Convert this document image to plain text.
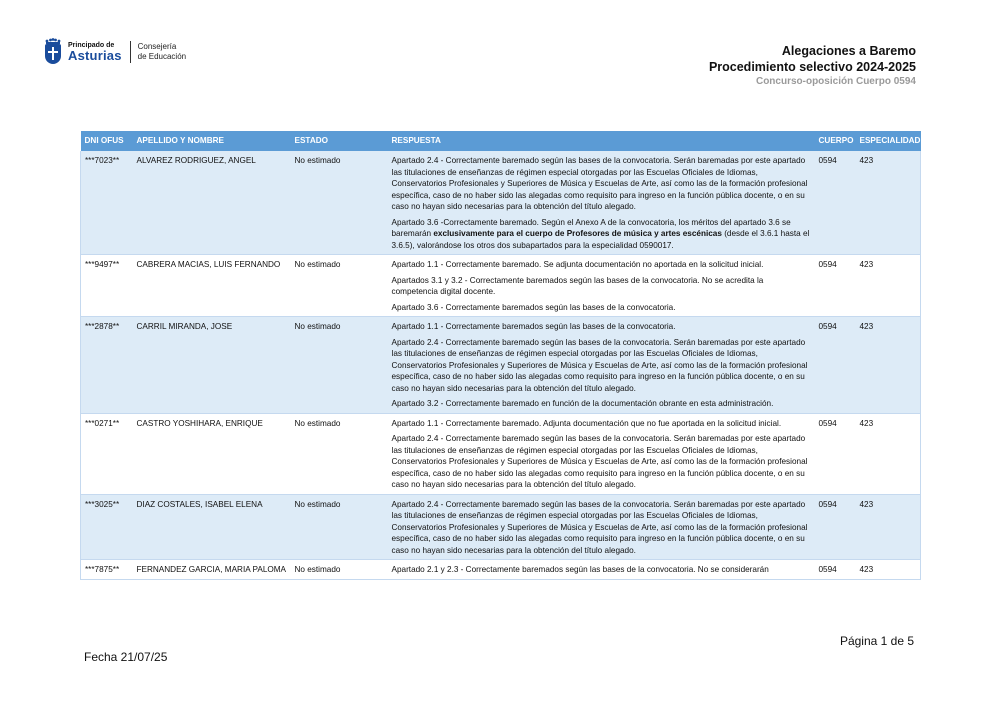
Principado de
Asturias
Consejería
de Educación	Alegaciones a Baremo
Procedimiento selectivo 2024-2025
Concurso-oposición Cuerpo 0594
DNI OFUS	APELLIDO Y NOMBRE	ESTADO	RESPUESTA	CUERPO	ESPECIALIDAD
***7023**	ALVAREZ RODRIGUEZ, ANGEL	No estimado	Apartado 2.4 - Correctamente baremado según las bases de la convocatoria. Serán baremadas por este apartado las titulaciones de enseñanzas de régimen especial otorgadas por las Escuelas Oficiales de Idiomas, Conservatorios Profesionales y Superiores de Música y Escuelas de Arte, así como las de la formación profesional específica, caso de no haber sido las alegadas como requisito para ingreso en la función pública docente, o en su caso no hayan sido necesarias para la obtención del título alegado.

Apartado 3.6 -Correctamente baremado. Según el Anexo A de la convocatoria, los méritos del apartado 3.6 se baremarán exclusivamente para el cuerpo de Profesores de música y artes escénicas (desde el 3.6.1 hasta el 3.6.5), valorándose los otros dos subapartados para la especialidad 0590017.	0594	423
***9497**	CABRERA MACIAS, LUIS FERNANDO	No estimado	Apartado 1.1 - Correctamente baremado. Se adjunta documentación no aportada en la solicitud inicial.

Apartados 3.1 y 3.2 - Correctamente baremados según las bases de la convocatoria. No se acredita la competencia digital docente.

Apartado 3.6 - Correctamente baremados según las bases de la convocatoria.	0594	423
***2878**	CARRIL MIRANDA, JOSE	No estimado	Apartado 1.1 - Correctamente baremados según las bases de la convocatoria.

Apartado 2.4 - Correctamente baremado según las bases de la convocatoria. Serán baremadas por este apartado las titulaciones de enseñanzas de régimen especial otorgadas por las Escuelas Oficiales de Idiomas, Conservatorios Profesionales y Superiores de Música y Escuelas de Arte, así como las de la formación profesional específica, caso de no haber sido las alegadas como requisito para ingreso en la función pública docente, o en su caso no hayan sido necesarias para la obtención del título alegado.

Apartado 3.2 - Correctamente baremado en función de la documentación obrante en esta administración.	0594	423
***0271**	CASTRO YOSHIHARA, ENRIQUE	No estimado	Apartado 1.1 - Correctamente baremado. Adjunta documentación que no fue aportada en la solicitud inicial.

Apartado 2.4 - Correctamente baremado según las bases de la convocatoria. Serán baremadas por este apartado las titulaciones de enseñanzas de régimen especial otorgadas por las Escuelas Oficiales de Idiomas, Conservatorios Profesionales y Superiores de Música y Escuelas de Arte, así como las de la formación profesional específica, caso de no haber sido las alegadas como requisito para ingreso en la función pública docente, o en su caso no hayan sido necesarias para la obtención del título alegado.	0594	423
***3025**	DIAZ COSTALES, ISABEL ELENA	No estimado	Apartado 2.4 - Correctamente baremado según las bases de la convocatoria. Serán baremadas por este apartado las titulaciones de enseñanzas de régimen especial otorgadas por las Escuelas Oficiales de Idiomas, Conservatorios Profesionales y Superiores de Música y Escuelas de Arte, así como las de la formación profesional específica, caso de no haber sido las alegadas como requisito para ingreso en la función pública docente, o en su caso no hayan sido necesarias para la obtención del título alegado.	0594	423
***7875**	FERNANDEZ GARCIA, MARIA PALOMA	No estimado	Apartado 2.1 y 2.3 - Correctamente baremados según las bases de la convocatoria. No se considerarán	0594	423
Página 1 de 5
Fecha 21/07/25
